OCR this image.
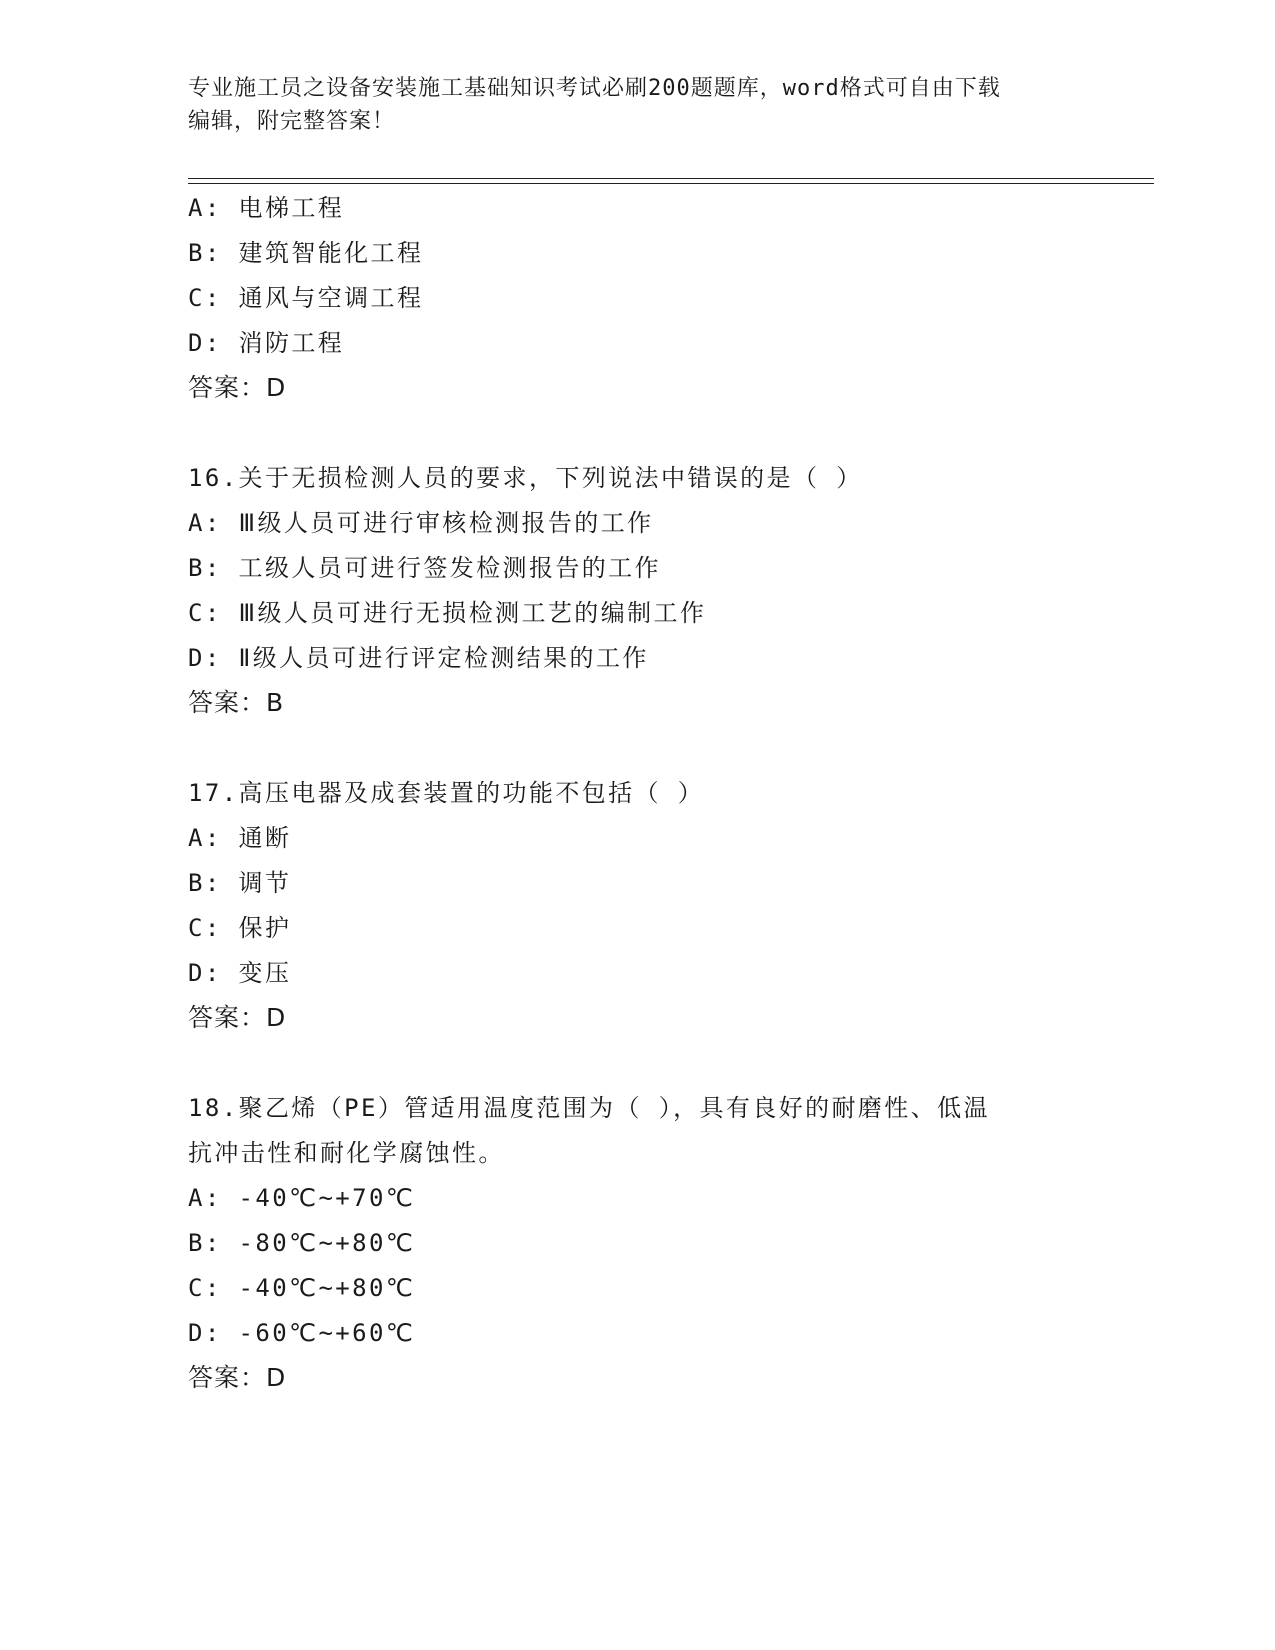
专业施工员之设备安装施工基础知识考试必刷200题题库，word格式可自由下载
编辑，附完整答案！
A: 电梯工程
B: 建筑智能化工程
C: 通风与空调工程
D: 消防工程
答案：D
16.关于无损检测人员的要求，下列说法中错误的是（ ）
A: Ⅲ级人员可进行审核检测报告的工作
B: 工级人员可进行签发检测报告的工作
C: Ⅲ级人员可进行无损检测工艺的编制工作
D: Ⅱ级人员可进行评定检测结果的工作
答案：B
17.高压电器及成套装置的功能不包括（ ）
A: 通断
B: 调节
C: 保护
D: 变压
答案：D
18.聚乙烯（PE）管适用温度范围为（ ），具有良好的耐磨性、低温
抗冲击性和耐化学腐蚀性。
A: -40℃~+70℃
B: -80℃~+80℃
C: -40℃~+80℃
D: -60℃~+60℃
答案：D
